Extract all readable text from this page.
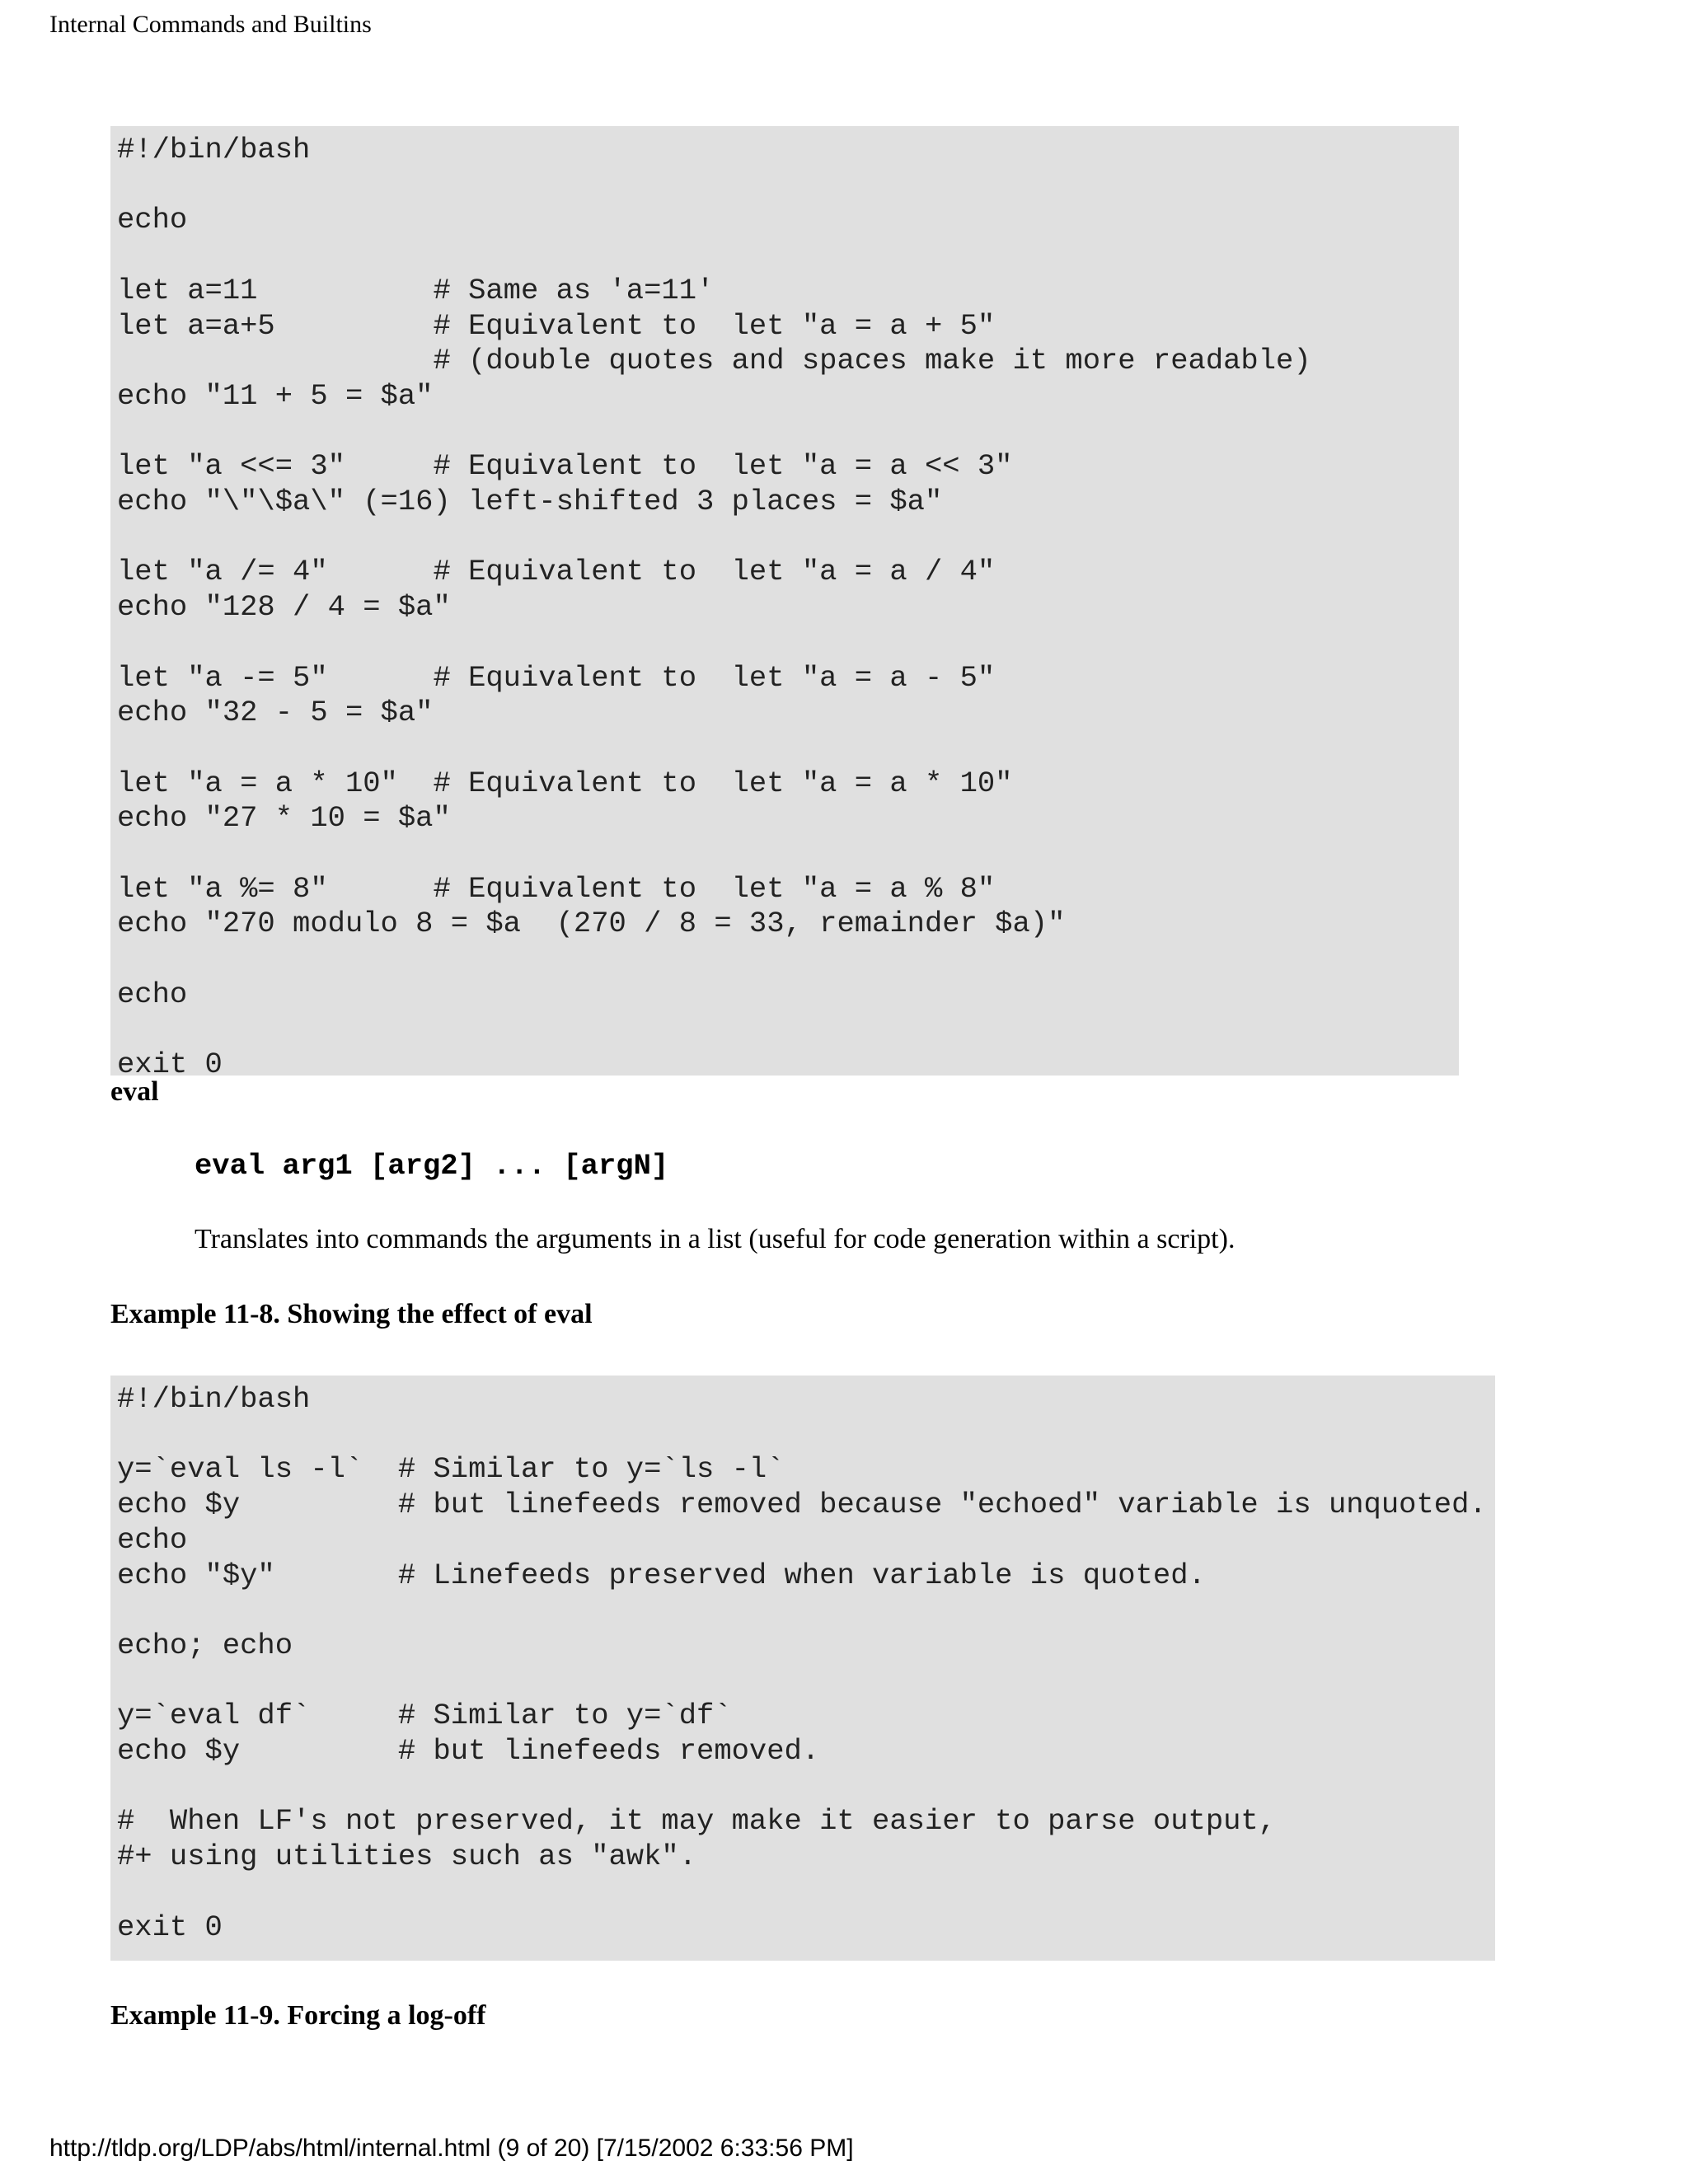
Internal Commands and Builtins
#!/bin/bash

echo

let a=11          # Same as 'a=11'
let a=a+5         # Equivalent to  let "a = a + 5"
# (double quotes and spaces make it more readable)
echo "11 + 5 = $a"

let "a <<= 3"     # Equivalent to  let "a = a << 3"
echo "\"\$a\" (=16) left-shifted 3 places = $a"

let "a /= 4"      # Equivalent to  let "a = a / 4"
echo "128 / 4 = $a"

let "a -= 5"      # Equivalent to  let "a = a - 5"
echo "32 - 5 = $a"

let "a = a * 10"  # Equivalent to  let "a = a * 10"
echo "27 * 10 = $a"

let "a %= 8"      # Equivalent to  let "a = a % 8"
echo "270 modulo 8 = $a  (270 / 8 = 33, remainder $a)"

echo

exit 0
eval
eval arg1 [arg2] ... [argN]
Translates into commands the arguments in a list (useful for code generation within a script).
Example 11-8. Showing the effect of eval
#!/bin/bash

y=`eval ls -l`  # Similar to y=`ls -l`
echo $y         # but linefeeds removed because "echoed" variable is unquoted.
echo
echo "$y"       # Linefeeds preserved when variable is quoted.

echo; echo

y=`eval df`     # Similar to y=`df`
echo $y         # but linefeeds removed.

#  When LF's not preserved, it may make it easier to parse output,
#+ using utilities such as "awk".

exit 0
Example 11-9. Forcing a log-off
http://tldp.org/LDP/abs/html/internal.html (9 of 20) [7/15/2002 6:33:56 PM]
